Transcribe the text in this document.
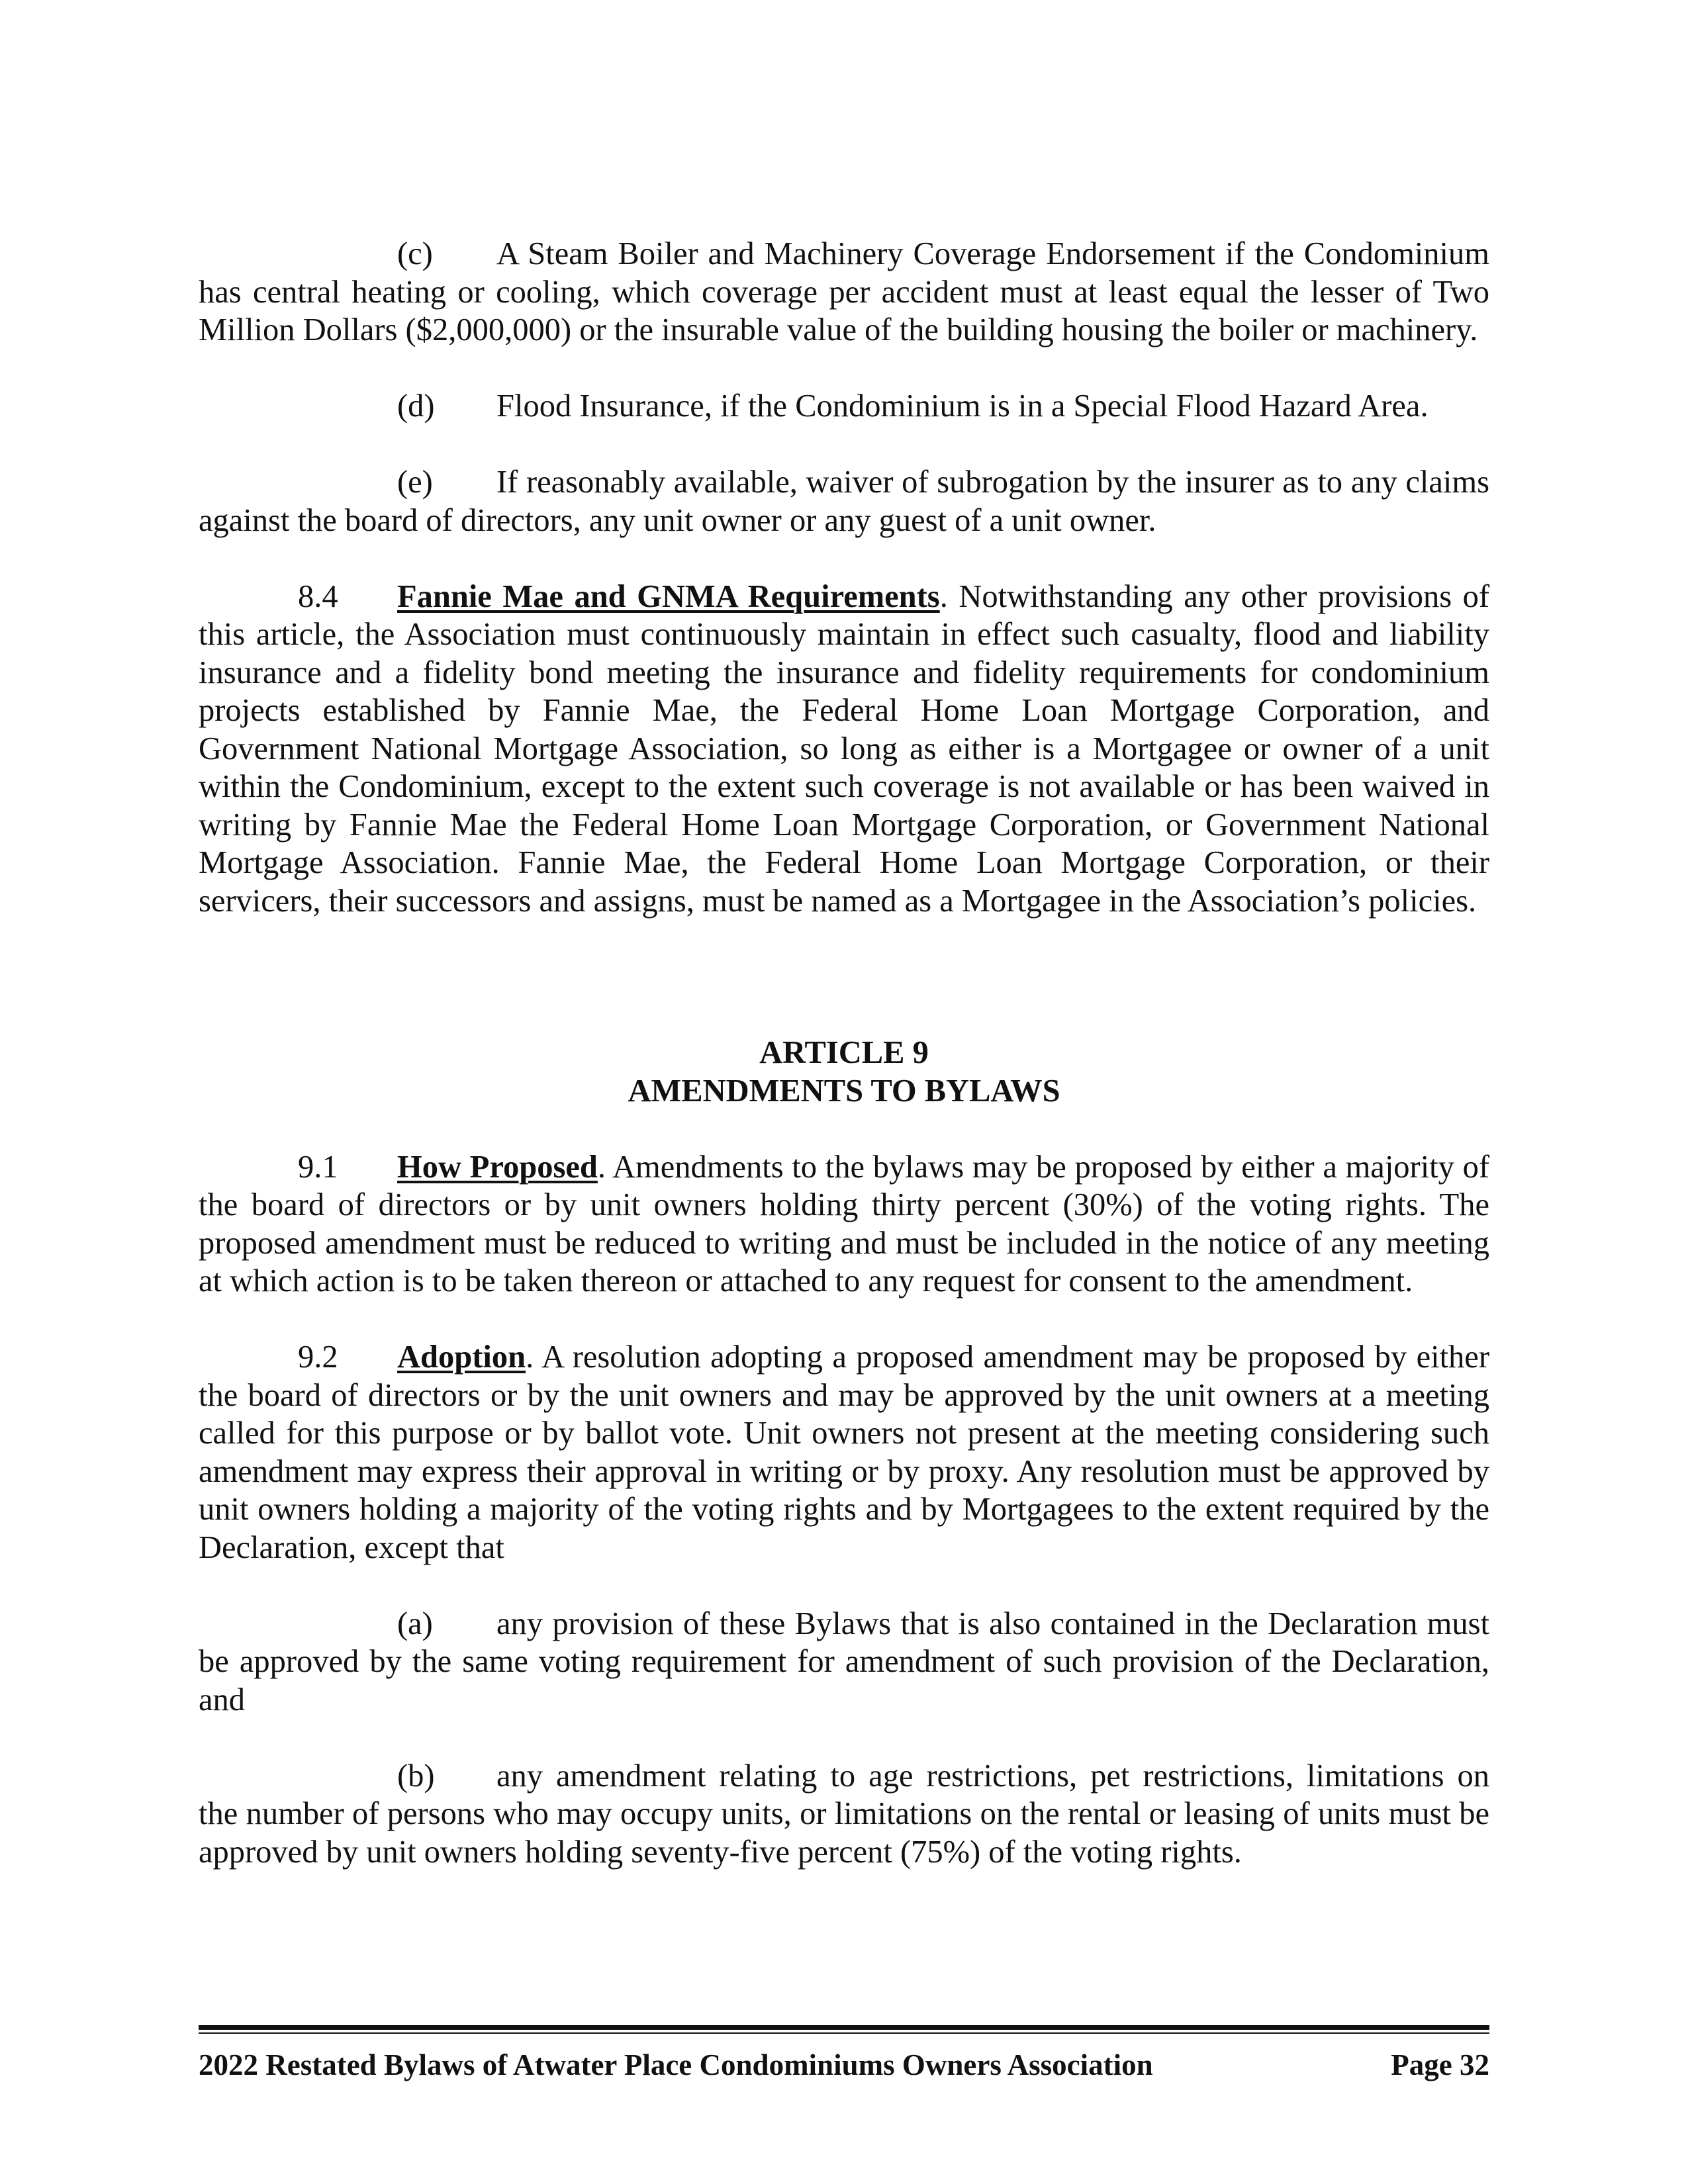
(c) A Steam Boiler and Machinery Coverage Endorsement if the Condominium has central heating or cooling, which coverage per accident must at least equal the lesser of Two Million Dollars ($2,000,000) or the insurable value of the building housing the boiler or machinery.

(d) Flood Insurance, if the Condominium is in a Special Flood Hazard Area.

(e) If reasonably available, waiver of subrogation by the insurer as to any claims against the board of directors, any unit owner or any guest of a unit owner.

8.4 Fannie Mae and GNMA Requirements. Notwithstanding any other provisions of this article, the Association must continuously maintain in effect such casualty, flood and liability insurance and a fidelity bond meeting the insurance and fidelity requirements for condominium projects established by Fannie Mae, the Federal Home Loan Mortgage Corporation, and Government National Mortgage Association, so long as either is a Mortgagee or owner of a unit within the Condominium, except to the extent such coverage is not available or has been waived in writing by Fannie Mae the Federal Home Loan Mortgage Corporation, or Government National Mortgage Association. Fannie Mae, the Federal Home Loan Mortgage Corporation, or their servicers, their successors and assigns, must be named as a Mortgagee in the Association’s policies.

ARTICLE 9
AMENDMENTS TO BYLAWS

9.1 How Proposed. Amendments to the bylaws may be proposed by either a majority of the board of directors or by unit owners holding thirty percent (30%) of the voting rights. The proposed amendment must be reduced to writing and must be included in the notice of any meeting at which action is to be taken thereon or attached to any request for consent to the amendment.

9.2 Adoption. A resolution adopting a proposed amendment may be proposed by either the board of directors or by the unit owners and may be approved by the unit owners at a meeting called for this purpose or by ballot vote. Unit owners not present at the meeting considering such amendment may express their approval in writing or by proxy. Any resolution must be approved by unit owners holding a majority of the voting rights and by Mortgagees to the extent required by the Declaration, except that

(a) any provision of these Bylaws that is also contained in the Declaration must be approved by the same voting requirement for amendment of such provision of the Declaration, and

(b) any amendment relating to age restrictions, pet restrictions, limitations on the number of persons who may occupy units, or limitations on the rental or leasing of units must be approved by unit owners holding seventy-five percent (75%) of the voting rights.

2022 Restated Bylaws of Atwater Place Condominiums Owners Association	Page 32
